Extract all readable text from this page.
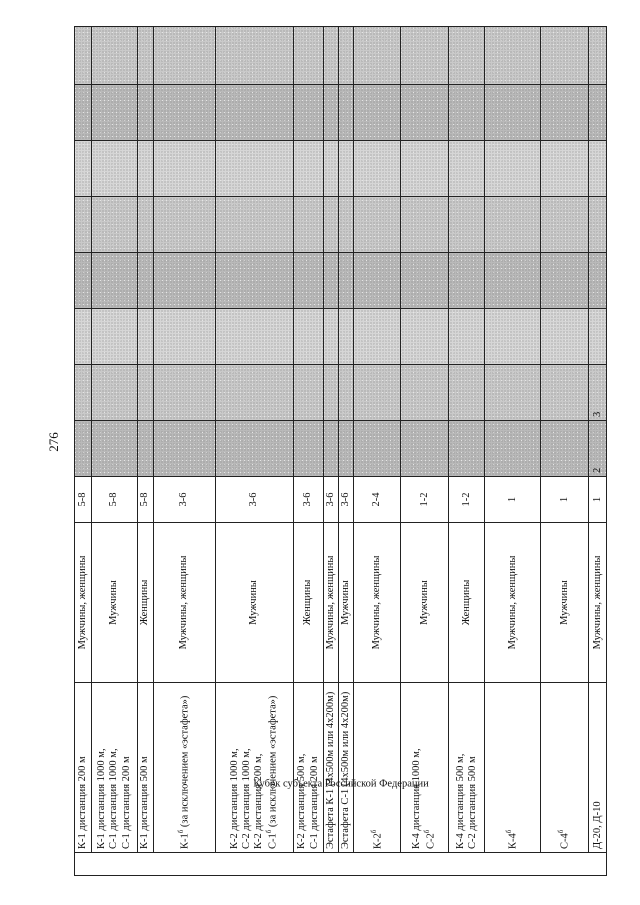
276
Кубок субъекта Российской Федерации	К-1 дистанция 200 м	Мужчины, женщины	5-8								

	К-1 дистанция 1000 м, С-1 дистанция 1000 м, С-1 дистанция 200 м	Мужчины	5-8								

	К-1 дистанция 500 м	Женщины	5-8								

	$К-1^б$ (за исключением «эстафета»)	Мужчины, женщины	3-6								

	К-2 дистанция 1000 м, С-2 дистанция 1000 м, К-2 дистанция 200 м, $С-1^б$ (за исключением «эстафета»)	Мужчины	3-6								

	К-2 дистанция 500 м, С-1 дистанция 200 м	Женщины	3-6								

	Эстафета К-1 (4х500м или 4х200м)	Мужчины, женщины	3-6								

	Эстафета С-1 (4х500м или 4х200м)	Мужчины	3-6								

	$К-2^б$	Мужчины, женщины	2-4								

	К-4 дистанция 1000 м, $С-2^б$	Мужчины	1-2								

	К-4 дистанция 500 м, С-2 дистанция 500 м	Женщины	1-2								

	$К-4^б$	Мужчины, женщины	1								

	$С-4^б$	Мужчины	1								

	Д-20, Д-10	Мужчины, женщины	1	2	3						
